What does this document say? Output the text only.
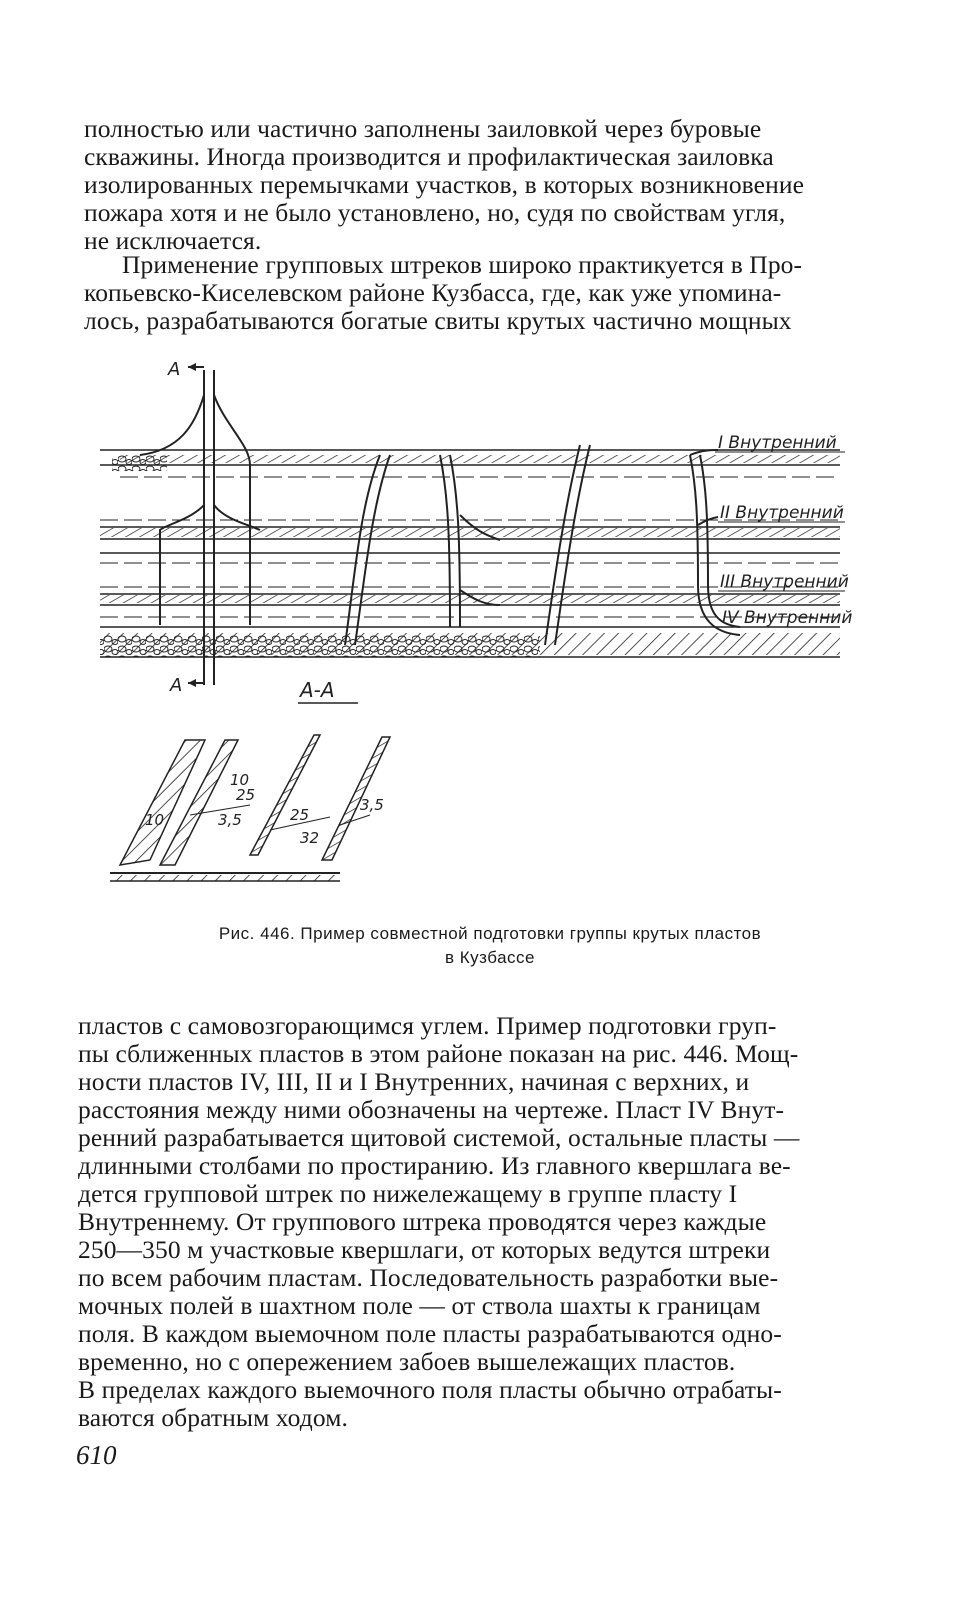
полностью или частично заполнены заиловкой через буровые
скважины. Иногда производится и профилактическая заиловка
изолированных перемычками участков, в которых возникновение
пожара хотя и не было установлено, но, судя по свойствам угля,
не исключается.

Применение групповых штреков широко практикуется в Про-
копьевско-Киселевском районе Кузбасса, где, как уже упомина-
лось, разрабатываются богатые свиты крутых частично мощных

I Внутренний
II Внутренний
III Внутренний
IV Внутренний
А
А	А-А
10
25
3,5	25
32
3,5
10
Рис. 446. Пример совместной подготовки группы крутых пластов
в Кузбассе

пластов с самовозгорающимся углем. Пример подготовки груп-
пы сближенных пластов в этом районе показан на рис. 446. Мощ-
ности пластов IV, III, II и I Внутренних, начиная с верхних, и
расстояния между ними обозначены на чертеже. Пласт IV Внут-
ренний разрабатывается щитовой системой, остальные пласты —
длинными столбами по простиранию. Из главного квершлага ве-
дется групповой штрек по нижележащему в группе пласту I
Внутреннему. От группового штрека проводятся через каждые
250—350 м участковые квершлаги, от которых ведутся штреки
по всем рабочим пластам. Последовательность разработки вые-
мочных полей в шахтном поле — от ствола шахты к границам
поля. В каждом выемочном поле пласты разрабатываются одно-
временно, но с опережением забоев вышележащих пластов.
В пределах каждого выемочного поля пласты обычно отрабаты-
ваются обратным ходом.

610
